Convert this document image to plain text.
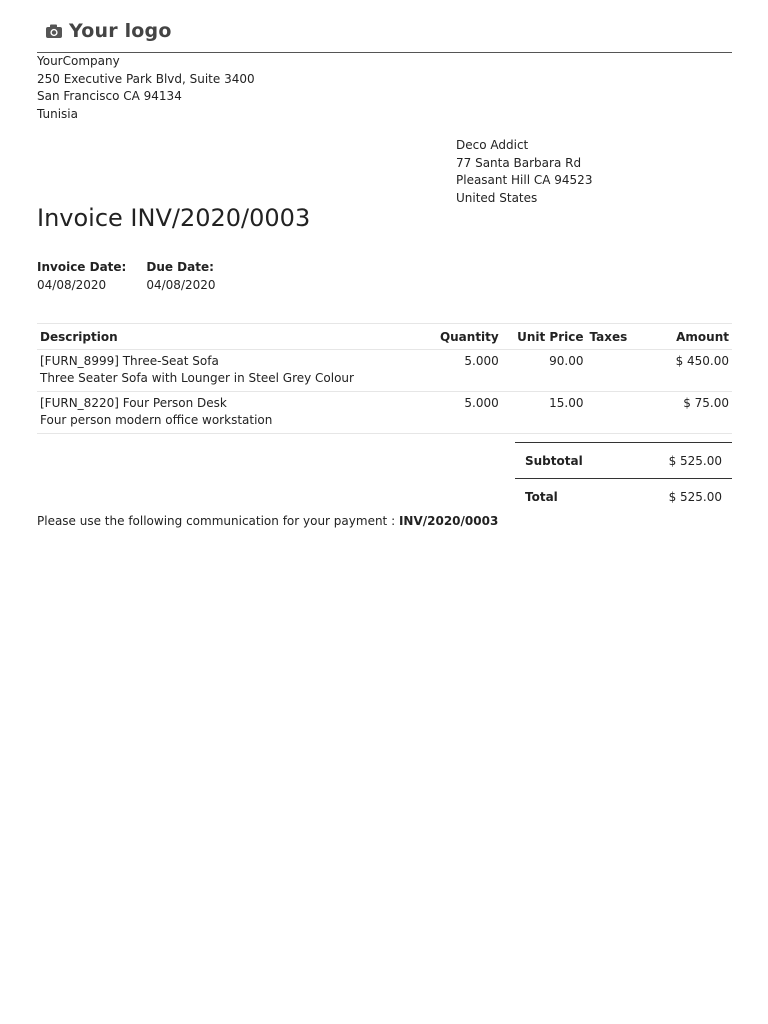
Your logo
YourCompany
250 Executive Park Blvd, Suite 3400
San Francisco CA 94134
Tunisia
Deco Addict
77 Santa Barbara Rd
Pleasant Hill CA 94523
United States
Invoice INV/2020/0003
Invoice Date:
04/08/2020
Due Date:
04/08/2020
Description	Quantity	Unit Price	Taxes	Amount

[FURN_8999] Three-Seat Sofa
Three Seater Sofa with Lounger in Steel Grey Colour	5.000	90.00		$ 450.00

[FURN_8220] Four Person Desk
Four person modern office workstation	5.000	15.00		$ 75.00
Subtotal	$ 525.00
Total	$ 525.00
Please use the following communication for your payment : INV/2020/0003
